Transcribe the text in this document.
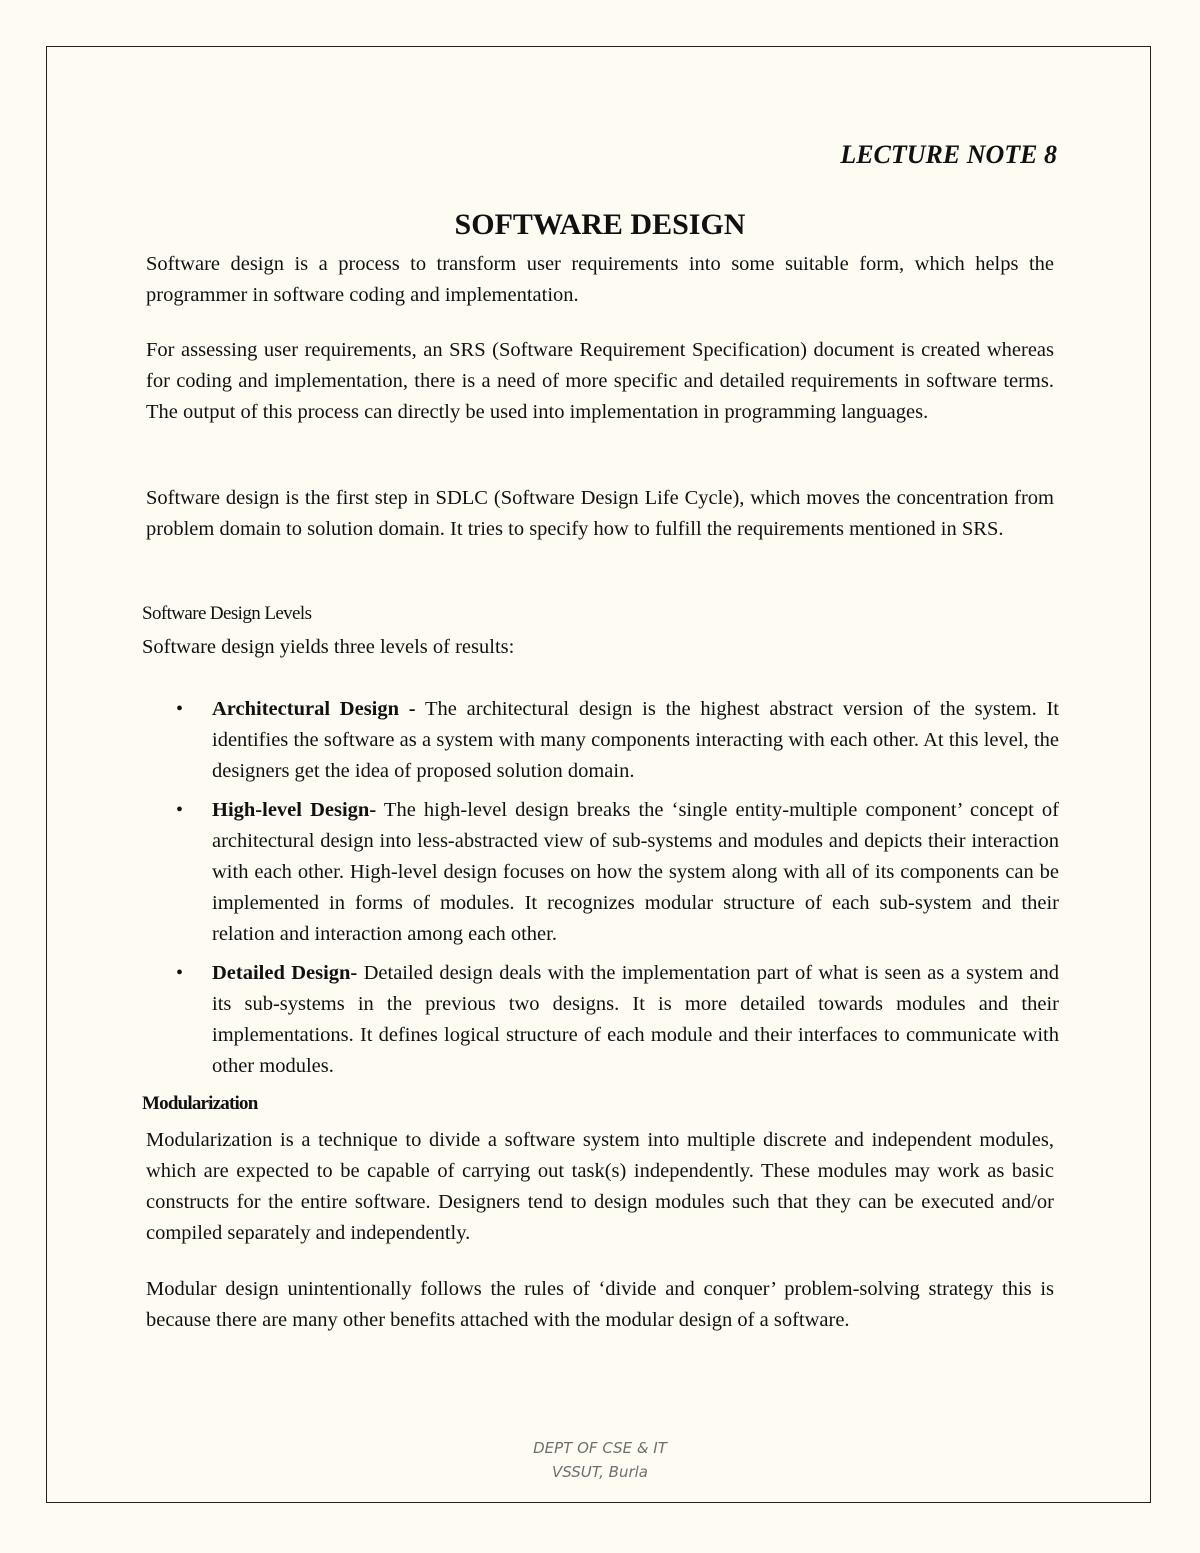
LECTURE NOTE 8
SOFTWARE DESIGN

Software design is a process to transform user requirements into some suitable form, which helps the programmer in software coding and implementation.

For assessing user requirements, an SRS (Software Requirement Specification) document is created whereas for coding and implementation, there is a need of more specific and detailed requirements in software terms. The output of this process can directly be used into implementation in programming languages.

Software design is the first step in SDLC (Software Design Life Cycle), which moves the concentration from problem domain to solution domain. It tries to specify how to fulfill the requirements mentioned in SRS.

Software Design Levels
Software design yields three levels of results:
• Architectural Design - The architectural design is the highest abstract version of the system. It identifies the software as a system with many components interacting with each other. At this level, the designers get the idea of proposed solution domain.
• High-level Design- The high-level design breaks the ‘single entity-multiple component’ concept of architectural design into less-abstracted view of sub-systems and modules and depicts their interaction with each other. High-level design focuses on how the system along with all of its components can be implemented in forms of modules. It recognizes modular structure of each sub-system and their relation and interaction among each other.
• Detailed Design- Detailed design deals with the implementation part of what is seen as a system and its sub-systems in the previous two designs. It is more detailed towards modules and their implementations. It defines logical structure of each module and their interfaces to communicate with other modules.
Modularization

Modularization is a technique to divide a software system into multiple discrete and independent modules, which are expected to be capable of carrying out task(s) independently. These modules may work as basic constructs for the entire software. Designers tend to design modules such that they can be executed and/or compiled separately and independently.

Modular design unintentionally follows the rules of ‘divide and conquer’ problem-solving strategy this is because there are many other benefits attached with the modular design of a software.

DEPT OF CSE & IT
VSSUT, Burla
